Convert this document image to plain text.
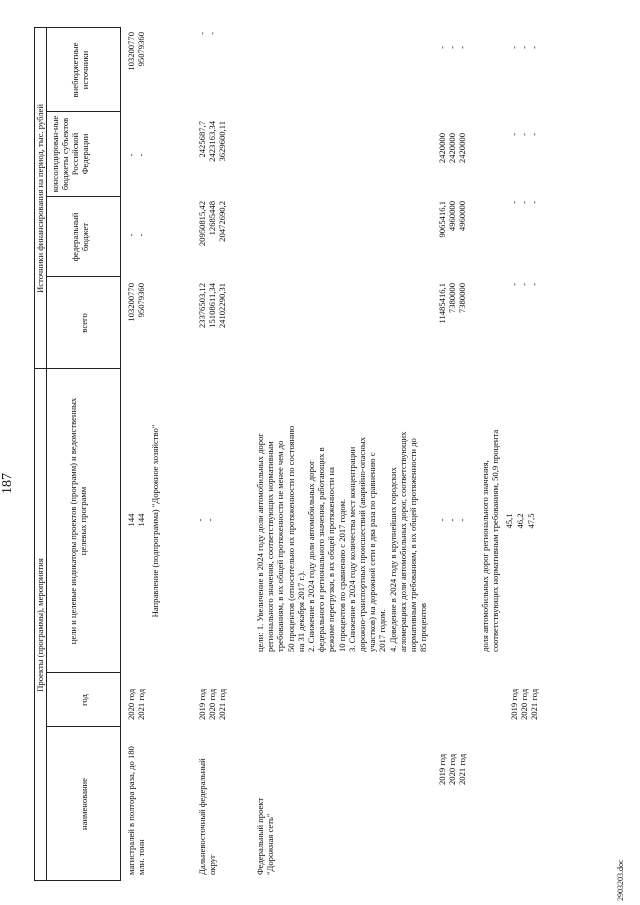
187
2903203.doc
Проекты (программы), мероприятия
Источники финансирования на период, тыс. рублей
наименование
год
цели и целевые индикаторы проектов (программ) и ведомственных целевых программ
всего
федеральный бюджет
консолидирован-ные бюджеты субъектов Российской Федерации
внебюджетные источники
магистралей в полтора раза, до 180 млн. тонн
2020 год 2021 год
144 144
103200770 95079360
- -
- -
103200770 95079360
Направление (подпрограмма) "Дорожное хозяйство"
Дальневосточный федеральный округ
2019 год 2020 год 2021 год
- -
23376503,12 15108611,34 24102290,31
20950815,42 12685448 20472690,2
2425687,7 2423163,34 3629600,11
- -
Федеральный проект "Дорожная сеть"
цели: 1. Увеличение в 2024 году доли автомобильных дорог
регионального значения, соответствующих нормативным
требованиям, в их общей протяженности не менее чем до
50 процентов (относительно их протяженности по состоянию
на 31 декабря 2017 г.).
2. Снижение в 2024 году доли автомобильных дорог
федерального и регионального значения, работающих в
режиме перегрузки, в их общей протяженности на
10 процентов по сравнению с 2017 годом.
3. Снижение в 2024 году количества мест концентрации
дорожно-транспортных происшествий (аварийно-опасных
участков) на дорожной сети в два раза по сравнению с
2017 годом.
4. Доведение в 2024 году в крупнейших городских
агломерациях доли автомобильных дорог, соответствующих
нормативным требованиям, в их общей протяженности до
85 процентов
2019 год 2020 год 2021 год
- - -
11485416,1 7380000 7380000
9065416,1 4960000 4960000
2420000 2420000 2420000
- - -
доля автомобильных дорог регионального значения,
соответствующих нормативным требованиям, 50,9 процента
2019 год 2020 год 2021 год
45,1 46,2 47,5
- - -
- - -
- - -
- - -
